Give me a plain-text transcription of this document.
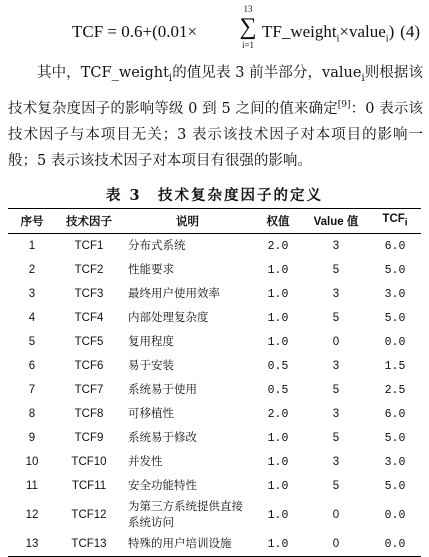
TCF = 0.6+(0.01×
13
∑
i=1
TF_weight$_i$×value$_i$) (4)

其中，TCF_weight$_i$的值见表 3 前半部分，value$_i$则根据该技术复杂度因子的影响等级 0 到 5 之间的值来确定[9]：0 表示该技术因子与本项目无关；3 表示该技术因子对本项目的影响一般；5 表示该技术因子对本项目有很强的影响。

表 3　技术复杂度因子的定义
序号	技术因子	说明	权值	Value 值	$TCF_i$
1	TCF1	分布式系统	2.0	3	6.0
2	TCF2	性能要求	1.0	5	5.0
3	TCF3	最终用户使用效率	1.0	3	3.0
4	TCF4	内部处理复杂度	1.0	5	5.0
5	TCF5	复用程度	1.0	0	0.0
6	TCF6	易于安装	0.5	3	1.5
7	TCF7	系统易于使用	0.5	5	2.5
8	TCF8	可移植性	2.0	3	6.0
9	TCF9	系统易于修改	1.0	5	5.0
10	TCF10	并发性	1.0	3	3.0
11	TCF11	安全功能特性	1.0	5	5.0
12	TCF12	为第三方系统提供直接系统访问	1.0	0	0.0
13	TCF13	特殊的用户培训设施	1.0	0	0.0
